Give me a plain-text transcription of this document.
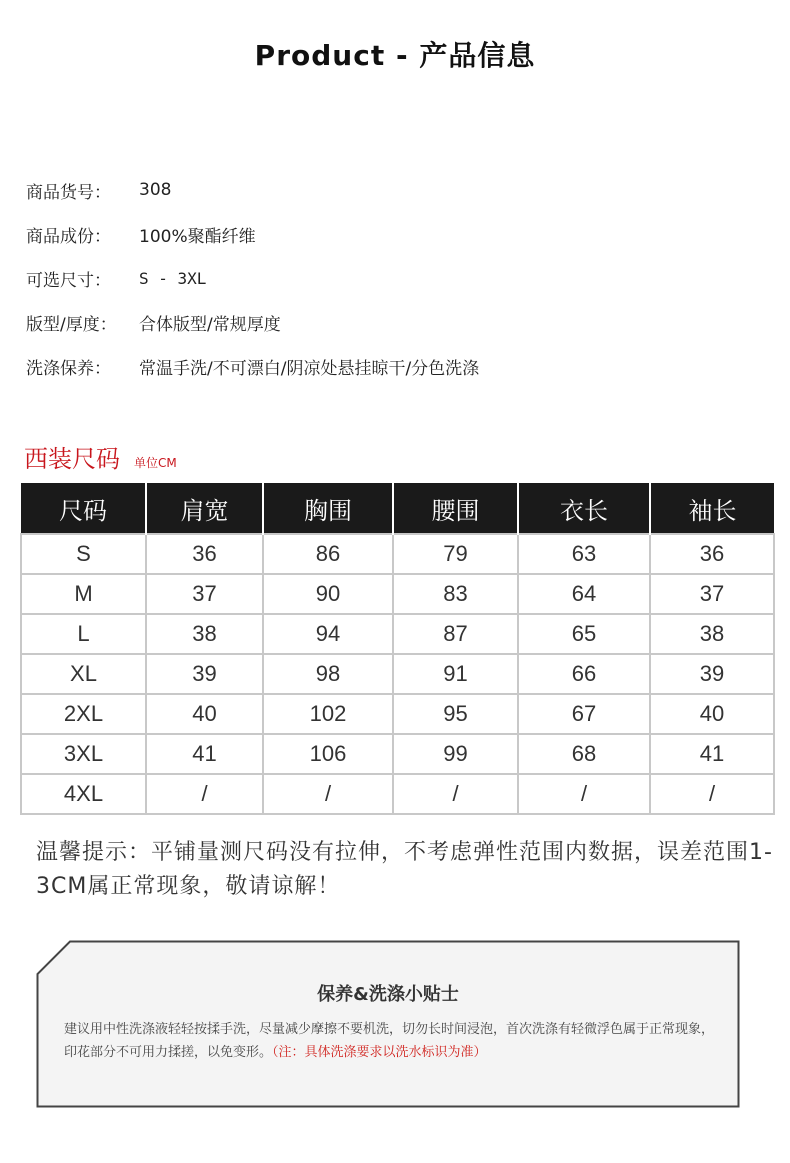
Product - 产品信息
商品货号：	308
商品成份：	100%聚酯纤维
可选尺寸：	S - 3XL
版型/厚度：	合体版型/常规厚度
洗涤保养：	常温手洗/不可漂白/阴凉处悬挂晾干/分色洗涤
西装尺码 单位CM
尺码	肩宽	胸围	腰围	衣长	袖长
S	36	86	79	63	36
M	37	90	83	64	37
L	38	94	87	65	38
XL	39	98	91	66	39
2XL	40	102	95	67	40
3XL	41	106	99	68	41
4XL	/	/	/	/	/
温馨提示：平铺量测尺码没有拉伸，不考虑弹性范围内数据，误差范围1-3CM属正常现象，敬请谅解！
保养&洗涤小贴士
建议用中性洗涤液轻轻按揉手洗，尽量减少摩擦不要机洗，切勿长时间浸泡，首次洗涤有轻微浮色属于正常现象，印花部分不可用力揉搓，以免变形。（注：具体洗涤要求以洗水标识为准）
